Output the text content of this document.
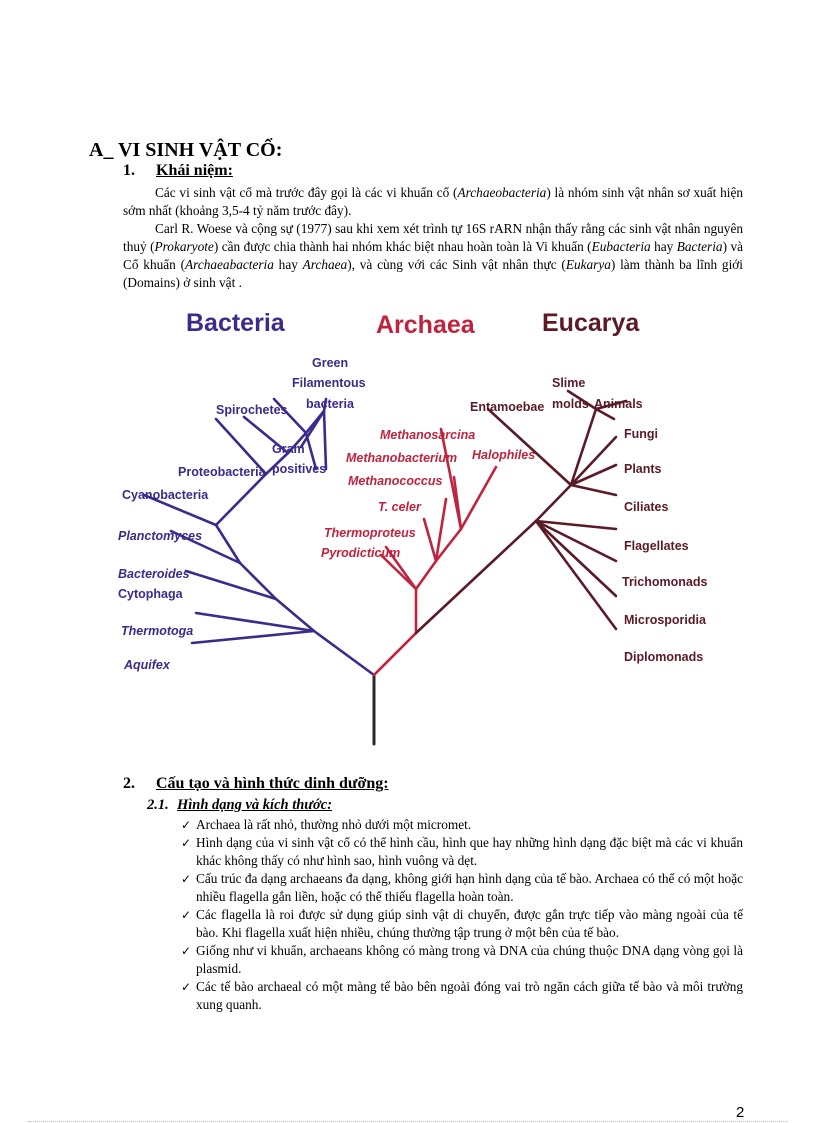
A_ VI SINH VẬT CỔ:
1. Khái niệm:
Các vi sinh vật cổ mà trước đây gọi là các vi khuẩn cổ (Archaeobacteria) là nhóm sinh vật nhân sơ xuất hiện sớm nhất (khoảng 3,5-4 tỷ năm trước đây).
Carl R. Woese và cộng sự (1977) sau khi xem xét trình tự 16S rARN nhận thấy rằng các sinh vật nhân nguyên thuỷ (Prokaryote) cần được chia thành hai nhóm khác biệt nhau hoàn toàn là Vi khuẩn (Eubacteria hay Bacteria) và Cổ khuẩn (Archaeabacteria hay Archaea), và cùng với các Sinh vật nhân thực (Eukarya) làm thành ba lĩnh giới (Domains) ở sinh vật .
Bacteria	Archaea	Eucarya
Green
Filamentous
bacteria
Spirochetes
Gram
positives
Proteobacteria
Cyanobacteria
Planctomyces
Bacteroides
Cytophaga
Thermotoga
Aquifex
Methanosarcina
Methanobacterium
Methanococcus
T. celer
Thermoproteus
Pyrodicticum
Halophiles
Entamoebae
Slime
molds Animals
Fungi
Plants
Ciliates
Flagellates
Trichomonads
Microsporidia
Diplomonads
2. Cấu tạo và hình thức dinh dưỡng:
2.1. Hình dạng và kích thước:
✓ Archaea là rất nhỏ, thường nhỏ dưới một micromet.
✓ Hình dạng của vi sinh vật cổ có thể hình cầu, hình que hay những hình dạng đặc biệt mà các vi khuẩn khác không thấy có như hình sao, hình vuông và dẹt.
✓ Cấu trúc đa dạng archaeans đa dạng, không giới hạn hình dạng của tế bào. Archaea có thể có một hoặc nhiều flagella gắn liền, hoặc có thể thiếu flagella hoàn toàn.
✓ Các flagella là roi được sử dụng giúp sinh vật di chuyển, được gắn trực tiếp vào màng ngoài của tế bào. Khi flagella xuất hiện nhiều, chúng thường tập trung ở một bên của tế bào.
✓ Giống như vi khuẩn, archaeans không có màng trong và DNA của chúng thuộc DNA dạng vòng gọi là plasmid.
✓ Các tế bào archaeal có một màng tế bào bên ngoài đóng vai trò ngăn cách giữa tế bào và môi trường xung quanh.
2
